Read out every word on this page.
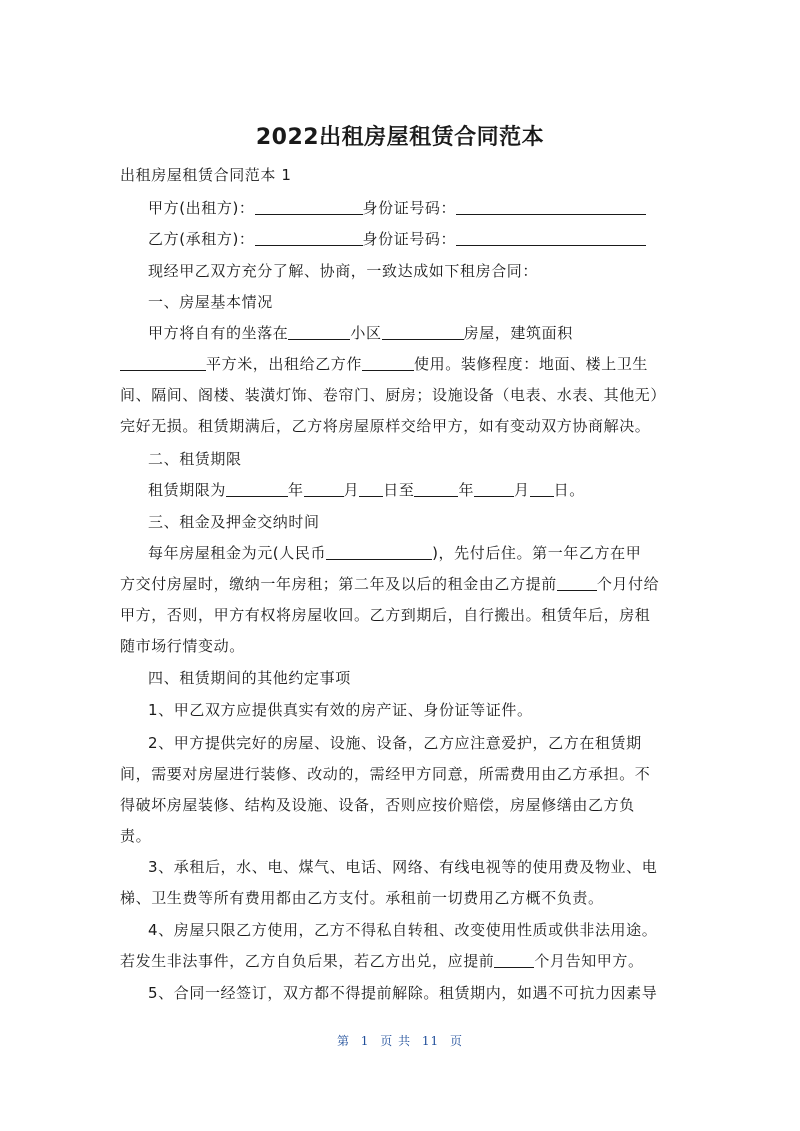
2022出租房屋租赁合同范本
出租房屋租赁合同范本 1
甲方(出租方)：	身份证号码：
乙方(承租方)：	身份证号码：
现经甲乙双方充分了解、协商，一致达成如下租房合同：
一、房屋基本情况
甲方将自有的坐落在	小区	房屋，建筑面积
平方米，出租给乙方作	使用。装修程度：地面、楼上卫生
间、隔间、阁楼、装潢灯饰、卷帘门、厨房；设施设备（电表、水表、其他无）
完好无损。租赁期满后，乙方将房屋原样交给甲方，如有变动双方协商解决。
二、租赁期限
租赁期限为	年	月 日至	年	月 日。
三、租金及押金交纳时间
每年房屋租金为元(人民币	)，先付后住。第一年乙方在甲
方交付房屋时，缴纳一年房租；第二年及以后的租金由乙方提前	个月付给
甲方，否则，甲方有权将房屋收回。乙方到期后，自行搬出。租赁年后，房租
随市场行情变动。
四、租赁期间的其他约定事项
1、甲乙双方应提供真实有效的房产证、身份证等证件。
2、甲方提供完好的房屋、设施、设备，乙方应注意爱护，乙方在租赁期
间，需要对房屋进行装修、改动的，需经甲方同意，所需费用由乙方承担。不
得破坏房屋装修、结构及设施、设备，否则应按价赔偿，房屋修缮由乙方负
责。
3、承租后，水、电、煤气、电话、网络、有线电视等的使用费及物业、电
梯、卫生费等所有费用都由乙方支付。承租前一切费用乙方概不负责。
4、房屋只限乙方使用，乙方不得私自转租、改变使用性质或供非法用途。
若发生非法事件，乙方自负后果，若乙方出兑，应提前	个月告知甲方。
5、合同一经签订，双方都不得提前解除。租赁期内，如遇不可抗力因素导
第 1 页 共 11 页
